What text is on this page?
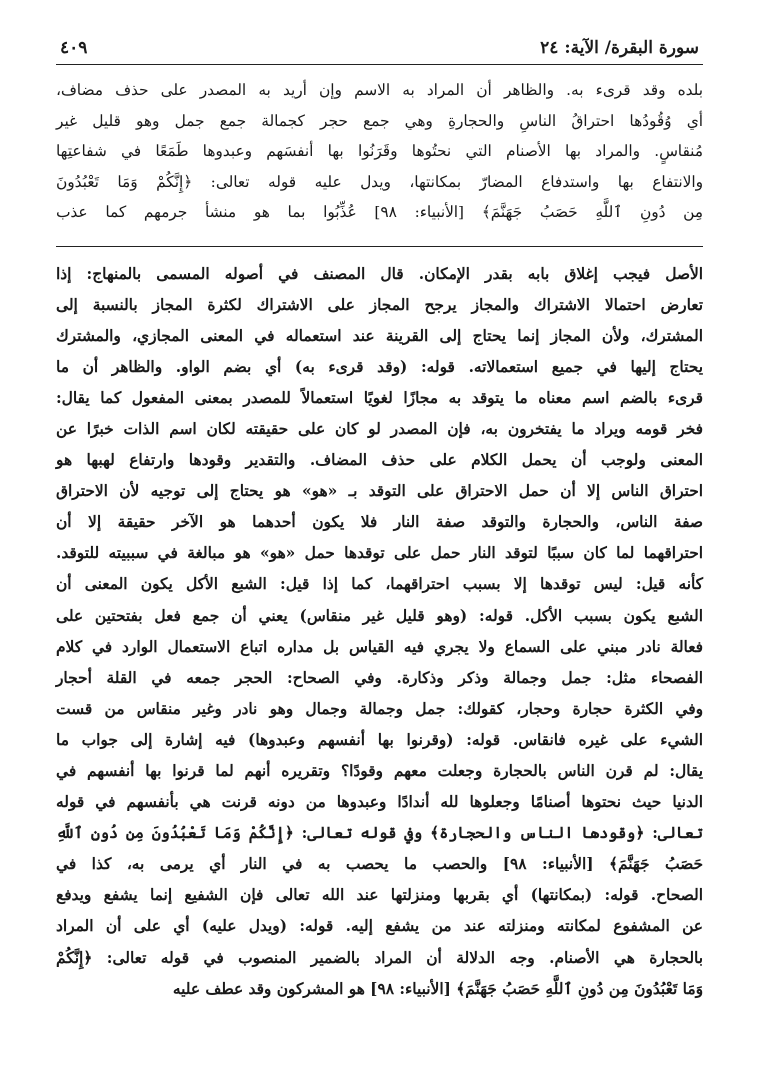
سورة البقرة/ الآية: ٢٤
٤٠٩

بلده وقد قرىء به. والظاهر أن المراد به الاسم وإن أريد به المصدر على حذف مضاف،

أي وُقُودُها احتراقُ الناسِ والحجارةِ وهي جمع حجر كجمالة جمع جمل وهو قليل غير

مُنقاسٍ. والمراد بها الأصنام التي نحتُوها وقَرَنُوا بها أنفسَهم وعبدوها طَمَعًا في شفاعتِها

والانتفاع بها واستدفاع المضارّ بمكانتها، ويدل عليه قوله تعالى: ﴿إِنَّكُمْ وَمَا تَعْبُدُونَ

مِن دُونِ ٱللَّهِ حَصَبُ جَهَنَّمَ﴾ [الأنبياء: ٩٨] عُذِّبُوا بما هو منشأ جرمهم كما عذب

الأصل فيجب إغلاق بابه بقدر الإمكان. قال المصنف في أصوله المسمى بالمنهاج: إذا

تعارض احتمالا الاشتراك والمجاز يرجح المجاز على الاشتراك لكثرة المجاز بالنسبة إلى

المشترك، ولأن المجاز إنما يحتاج إلى القرينة عند استعماله في المعنى المجازي، والمشترك

يحتاج إليها في جميع استعمالاته. قوله: (وقد قرىء به) أي بضم الواو. والظاهر أن ما

قرىء بالضم اسم معناه ما يتوقد به مجازًا لغويًا استعمالاً للمصدر بمعنى المفعول كما يقال:

فخر قومه ويراد ما يفتخرون به، فإن المصدر لو كان على حقيقته لكان اسم الذات خبرًا عن

المعنى ولوجب أن يحمل الكلام على حذف المضاف. والتقدير وقودها وارتفاع لهبها هو

احتراق الناس إلا أن حمل الاحتراق على التوقد بـ «هو» هو يحتاج إلى توجيه لأن الاحتراق

صفة الناس، والحجارة والتوقد صفة النار فلا يكون أحدهما هو الآخر حقيقة إلا أن

احتراقهما لما كان سببًا لتوقد النار حمل على توقدها حمل «هو» هو مبالغة في سببيته للتوقد.

كأنه قيل: ليس توقدها إلا بسبب احتراقهما، كما إذا قيل: الشبع الأكل يكون المعنى أن

الشبع يكون بسبب الأكل. قوله: (وهو قليل غير منقاس) يعني أن جمع فعل بفتحتين على

فعالة نادر مبني على السماع ولا يجري فيه القياس بل مداره اتباع الاستعمال الوارد في كلام

الفصحاء مثل: جمل وجمالة وذكر وذكارة. وفي الصحاح: الحجر جمعه في القلة أحجار

وفي الكثرة حجارة وحجار، كقولك: جمل وجمالة وجمال وهو نادر وغير منقاس من قست

الشيء على غيره فانقاس. قوله: (وقرنوا بها أنفسهم وعبدوها) فيه إشارة إلى جواب ما

يقال: لم قرن الناس بالحجارة وجعلت معهم وقودًا؟ وتقريره أنهم لما قرنوا بها أنفسهم في

الدنيا حيث نحتوها أصنامًا وجعلوها لله أندادًا وعبدوها من دونه قرنت هي بأنفسهم في قوله

تعالى: ﴿وقودها الناس والحجارة﴾ وفي قوله تعالى: ﴿إِنَّكُمْ وَمَا تَعْبُدُونَ مِن دُونِ ٱللَّهِ

حَصَبُ جَهَنَّمَ﴾ [الأنبياء: ٩٨] والحصب ما يحصب به في النار أي يرمى به، كذا في

الصحاح. قوله: (بمكانتها) أي بقربها ومنزلتها عند الله تعالى فإن الشفيع إنما يشفع ويدفع

عن المشفوع لمكانته ومنزلته عند من يشفع إليه. قوله: (ويدل عليه) أي على أن المراد

بالحجارة هي الأصنام. وجه الدلالة أن المراد بالضمير المنصوب في قوله تعالى: ﴿إِنَّكُمْ

وَمَا تَعْبُدُونَ مِن دُونِ ٱللَّهِ حَصَبُ جَهَنَّمَ﴾ [الأنبياء: ٩٨] هو المشركون وقد عطف عليه
